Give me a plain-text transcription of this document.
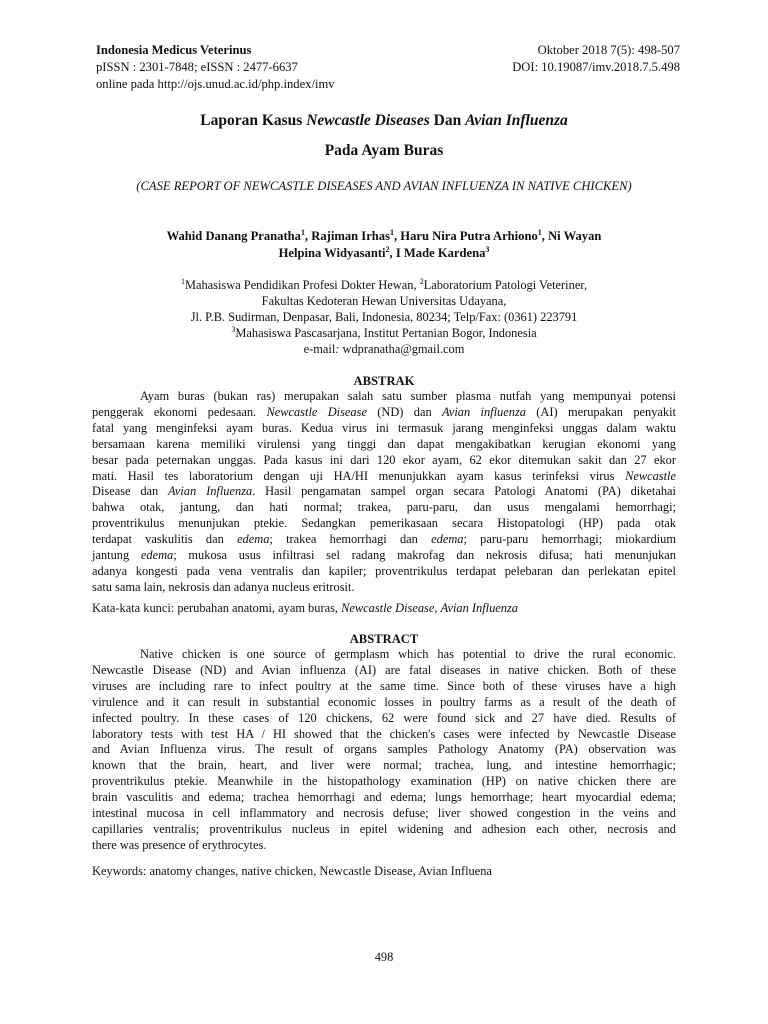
Indonesia Medicus Veterinus	Oktober 2018 7(5): 498-507
pISSN : 2301-7848; eISSN : 2477-6637	DOI: 10.19087/imv.2018.7.5.498
online pada http://ojs.unud.ac.id/php.index/imv
Laporan Kasus Newcastle Diseases Dan Avian Influenza
Pada Ayam Buras
(CASE REPORT OF NEWCASTLE DISEASES AND AVIAN INFLUENZA IN NATIVE CHICKEN)
Wahid Danang Pranatha$^1$, Rajiman Irhas$^1$, Haru Nira Putra Arhiono$^1$, Ni Wayan
Helpina Widyasanti$^2$, I Made Kardena$^3$
$^1$Mahasiswa Pendidikan Profesi Dokter Hewan, $^2$Laboratorium Patologi Veteriner,
Fakultas Kedoteran Hewan Universitas Udayana,
Jl. P.B. Sudirman, Denpasar, Bali, Indonesia, 80234; Telp/Fax: (0361) 223791
$^3$Mahasiswa Pascasarjana, Institut Pertanian Bogor, Indonesia
e-mail: wdpranatha@gmail.com
ABSTRAK
Ayam buras (bukan ras) merupakan salah satu sumber plasma nutfah yang mempunyai potensi
penggerak ekonomi pedesaan. Newcastle Disease (ND) dan Avian influenza (AI) merupakan penyakit
fatal yang menginfeksi ayam buras. Kedua virus ini termasuk jarang menginfeksi unggas dalam waktu
bersamaan karena memiliki virulensi yang tinggi dan dapat mengakibatkan kerugian ekonomi yang
besar pada peternakan unggas. Pada kasus ini dari 120 ekor ayam, 62 ekor ditemukan sakit dan 27 ekor
mati. Hasil tes laboratorium dengan uji HA/HI menunjukkan ayam kasus terinfeksi virus Newcastle
Disease dan Avian Influenza. Hasil pengamatan sampel organ secara Patologi Anatomi (PA) diketahai
bahwa otak, jantung, dan hati normal; trakea, paru-paru, dan usus mengalami hemorrhagi;
proventrikulus menunjukan ptekie. Sedangkan pemerikasaan secara Histopatologi (HP) pada otak
terdapat vaskulitis dan edema; trakea hemorrhagi dan edema; paru-paru hemorrhagi; miokardium
jantung edema; mukosa usus infiltrasi sel radang makrofag dan nekrosis difusa; hati menunjukan
adanya kongesti pada vena ventralis dan kapiler; proventrikulus terdapat pelebaran dan perlekatan epitel
satu sama lain, nekrosis dan adanya nucleus eritrosit.
Kata-kata kunci: perubahan anatomi, ayam buras, Newcastle Disease, Avian Influenza
ABSTRACT
Native chicken is one source of germplasm which has potential to drive the rural economic.
Newcastle Disease (ND) and Avian influenza (AI) are fatal diseases in native chicken. Both of these
viruses are including rare to infect poultry at the same time. Since both of these viruses have a high
virulence and it can result in substantial economic losses in poultry farms as a result of the death of
infected poultry. In these cases of 120 chickens, 62 were found sick and 27 have died. Results of
laboratory tests with test HA / HI showed that the chicken's cases were infected by Newcastle Disease
and Avian Influenza virus. The result of organs samples Pathology Anatomy (PA) observation was
known that the brain, heart, and liver were normal; trachea, lung, and intestine hemorrhagic;
proventrikulus ptekie. Meanwhile in the histopathology examination (HP) on native chicken there are
brain vasculitis and edema; trachea hemorrhagi and edema; lungs hemorrhage; heart myocardial edema;
intestinal mucosa in cell inflammatory and necrosis defuse; liver showed congestion in the veins and
capillaries ventralis; proventrikulus nucleus in epitel widening and adhesion each other, necrosis and
there was presence of erythrocytes.
Keywords: anatomy changes, native chicken, Newcastle Disease, Avian Influena
498
